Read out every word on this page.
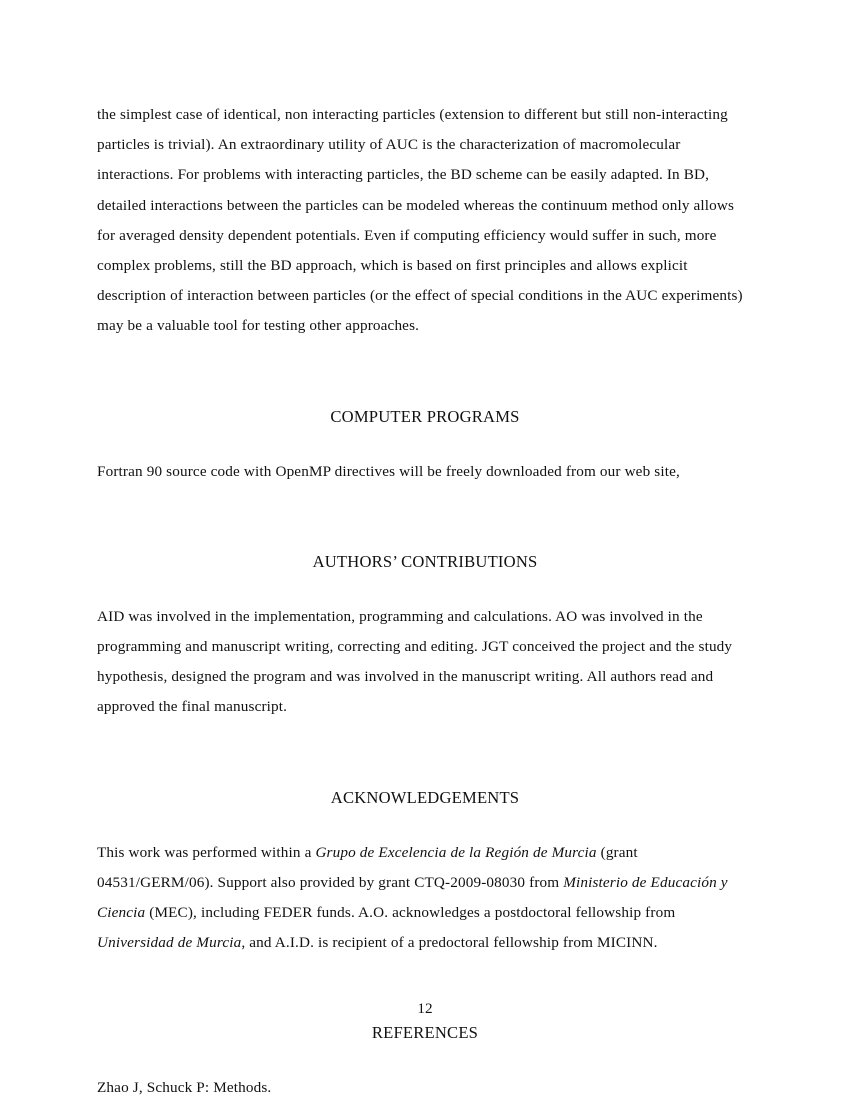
the simplest case of identical, non interacting particles (extension to different but still non-interacting particles is trivial). An extraordinary utility of AUC is the characterization of macromolecular interactions. For problems with interacting particles, the BD scheme can be easily adapted. In BD, detailed interactions between the particles can be modeled whereas the continuum method only allows for averaged density dependent potentials. Even if computing efficiency would suffer in such, more complex problems, still the BD approach, which is based on first principles and allows explicit description of interaction between particles (or the effect of special conditions in the AUC experiments) may be a valuable tool for testing other approaches.

COMPUTER PROGRAMS

Fortran 90 source code with OpenMP directives will be freely downloaded from our web site,

AUTHORS’ CONTRIBUTIONS

AID was involved in the implementation, programming and calculations. AO was involved in the programming and manuscript writing, correcting and editing. JGT conceived the project and the study hypothesis, designed the program and was involved in the manuscript writing. All authors read and approved the final manuscript.

ACKNOWLEDGEMENTS

This work was performed within a Grupo de Excelencia de la Región de Murcia (grant 04531/GERM/06). Support also provided by grant CTQ-2009-08030 from Ministerio de Educación y Ciencia (MEC), including FEDER funds. A.O. acknowledges a postdoctoral fellowship from Universidad de Murcia, and A.I.D. is recipient of a predoctoral fellowship from MICINN.

REFERENCES

Zhao J, Schuck P: Methods.

12
